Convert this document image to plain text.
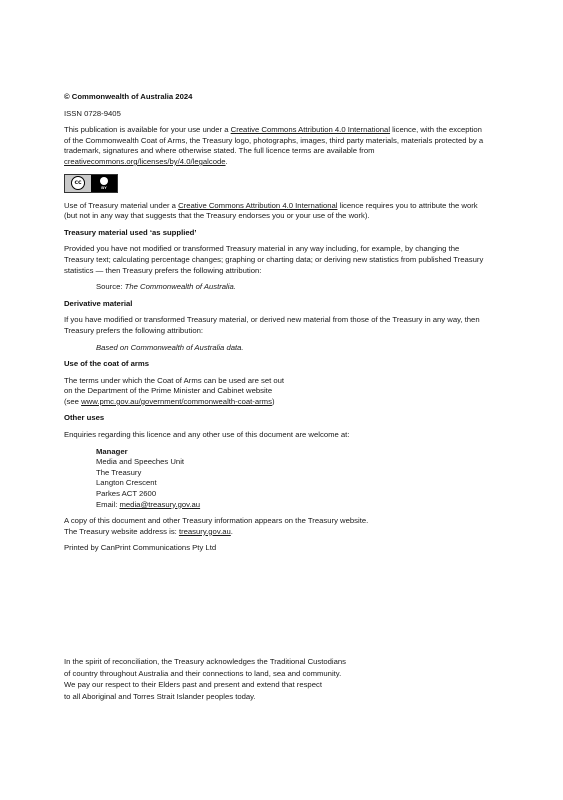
© Commonwealth of Australia 2024

ISSN 0728-9405

This publication is available for your use under a Creative Commons Attribution 4.0 International licence, with the exception of the Commonwealth Coat of Arms, the Treasury logo, photographs, images, third party materials, materials protected by a trademark, signatures and where otherwise stated. The full licence terms are available from creativecommons.org/licenses/by/4.0/legalcode.

cc
BY

Use of Treasury material under a Creative Commons Attribution 4.0 International licence requires you to attribute the work (but not in any way that suggests that the Treasury endorses you or your use of the work).

Treasury material used ‘as supplied’

Provided you have not modified or transformed Treasury material in any way including, for example, by changing the Treasury text; calculating percentage changes; graphing or charting data; or deriving new statistics from published Treasury statistics — then Treasury prefers the following attribution:

Source: The Commonwealth of Australia.

Derivative material

If you have modified or transformed Treasury material, or derived new material from those of the Treasury in any way, then Treasury prefers the following attribution:

Based on Commonwealth of Australia data.

Use of the coat of arms

The terms under which the Coat of Arms can be used are set out
on the Department of the Prime Minister and Cabinet website
(see www.pmc.gov.au/government/commonwealth-coat-arms)

Other uses

Enquiries regarding this licence and any other use of this document are welcome at:

Manager
Media and Speeches Unit
The Treasury
Langton Crescent
Parkes ACT 2600
Email: media@treasury.gov.au

A copy of this document and other Treasury information appears on the Treasury website.
The Treasury website address is: treasury.gov.au.

Printed by CanPrint Communications Pty Ltd

In the spirit of reconciliation, the Treasury acknowledges the Traditional Custodians
of country throughout Australia and their connections to land, sea and community.
We pay our respect to their Elders past and present and extend that respect
to all Aboriginal and Torres Strait Islander peoples today.
